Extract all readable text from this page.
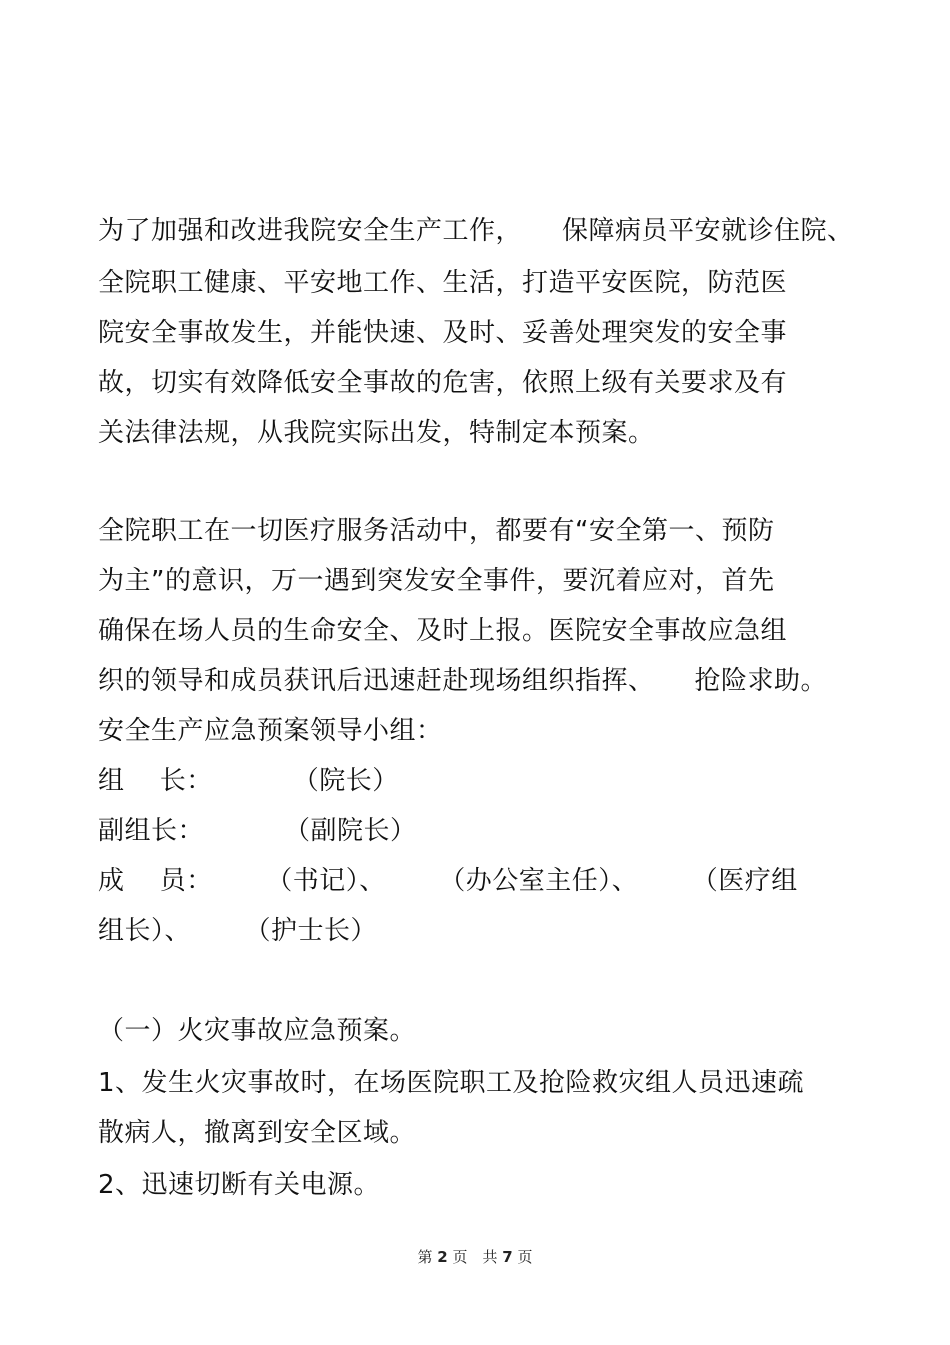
为了加强和改进我院安全生产工作，　　保障病员平安就诊住院、
全院职工健康、平安地工作、生活，打造平安医院，防范医
院安全事故发生，并能快速、及时、妥善处理突发的安全事
故，切实有效降低安全事故的危害，依照上级有关要求及有
关法律法规，从我院实际出发，特制定本预案。
全院职工在一切医疗服务活动中，都要有“安全第一、预防
为主”的意识，万一遇到突发安全事件，要沉着应对，首先
确保在场人员的生命安全、及时上报。医院安全事故应急组
织的领导和成员获讯后迅速赶赴现场组织指挥、　　抢险求助。
安全生产应急预案领导小组：
组　 长：　　　　（院长）
副组长：　　　　（副院长）
成　 员：　　　（书记）、　　　（办公室主任）、　　　（医疗组
组长）、　　　（护士长）
（一）火灾事故应急预案。
1、发生火灾事故时，在场医院职工及抢险救灾组人员迅速疏
散病人，撤离到安全区域。
2、迅速切断有关电源。
第 2 页　共 7 页
